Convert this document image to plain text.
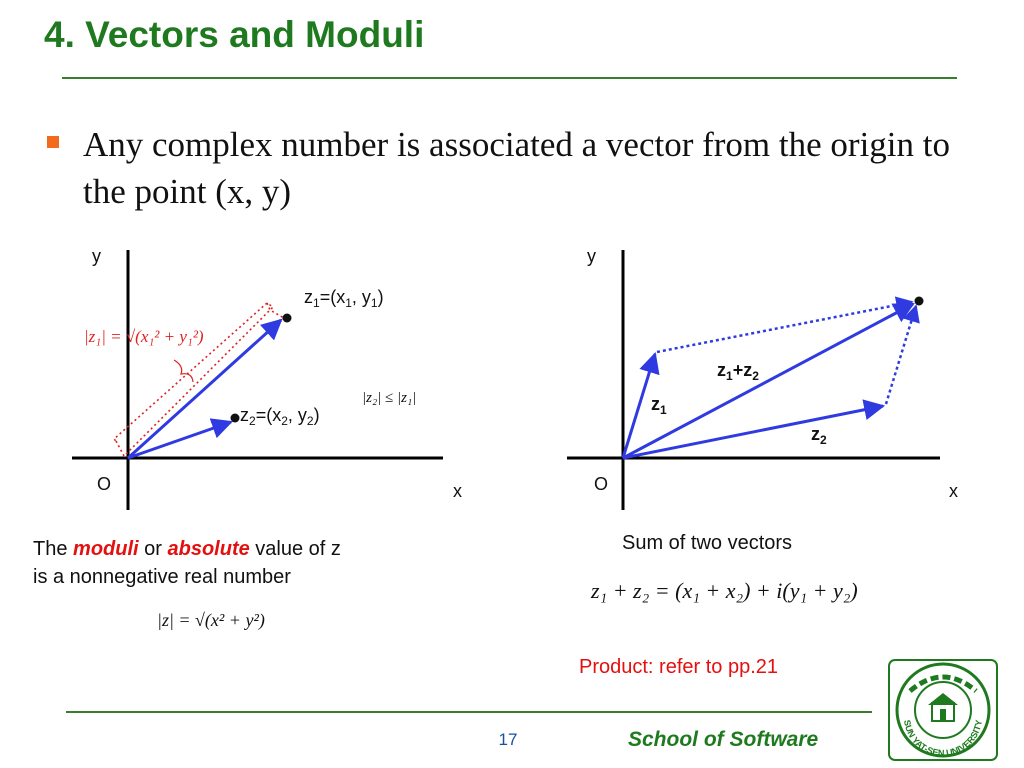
4. Vectors and Moduli
Any complex number is associated a vector from the origin to the point (x, y)
y
x
O
$z_1=(x_1$, $y_1$)
$z_2=(x_2$, $y_2$)
|z₁| = √(x₁² + y₁²)
|z₂| ≤ |z₁|
y
x
O
$z_1$
$z_1+z_2$
$z_2$
z₁ + z₂ = (x₁ + x₂) + i(y₁ + y₂)
|z| = √(x² + y²)
The moduli or absolute value of z
is a nonnegative real number
Sum of two vectors
Product: refer to pp.21
17	School of Software
SUN YAT-SEN UNIVERSITY
